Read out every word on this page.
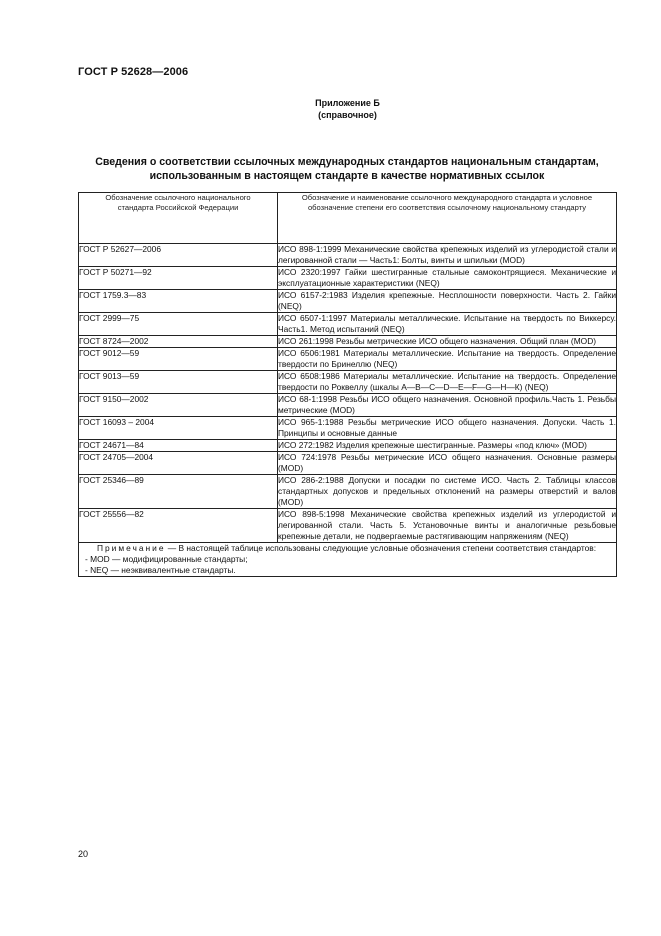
ГОСТ Р 52628—2006
Приложение Б
(справочное)
Сведения о соответствии ссылочных международных стандартов национальным стандартам,
использованным в настоящем стандарте в качестве нормативных ссылок
Обозначение ссылочного национального стандарта Российской Федерации	Обозначение и наименование ссылочного международного стандарта и условное обозначение степени его соответствия ссылочному национальному стандарту

ГОСТ Р 52627—2006	ИСО 898-1:1999 Механические свойства крепежных изделий из углеродистой стали и легированной стали — Часть1: Болты, винты и шпильки (MOD)
ГОСТ Р 50271—92	ИСО 2320:1997 Гайки шестигранные стальные самоконтрящиеся. Механические и эксплуатационные характеристики (NEQ)
ГОСТ 1759.3—83	ИСО 6157-2:1983 Изделия крепежные. Несплошности поверхности. Часть 2. Гайки (NEQ)
ГОСТ 2999—75	ИСО 6507-1:1997 Материалы металлические. Испытание на твердость по Виккерсу. Часть1. Метод испытаний (NEQ)
ГОСТ 8724—2002	ИСО 261:1998 Резьбы метрические ИСО общего назначения. Общий план (MOD)
ГОСТ 9012—59	ИСО 6506:1981 Материалы металлические. Испытание на твердость. Определение твердости по Бринеллю (NEQ)
ГОСТ 9013—59	ИСО 6508:1986 Материалы металлические. Испытание на твердость. Определение твердости по Роквеллу (шкалы А—В—С—D—Е—F—G—Н—К) (NEQ)
ГОСТ 9150—2002	ИСО 68-1:1998 Резьбы ИСО общего назначения. Основной профиль.Часть 1. Резьбы метрические (MOD)
ГОСТ 16093 – 2004	ИСО 965-1:1988 Резьбы метрические ИСО общего назначения. Допуски. Часть 1. Принципы и основные данные
ГОСТ 24671—84	ИСО 272:1982 Изделия крепежные шестигранные. Размеры «под ключ» (MOD)
ГОСТ 24705—2004	ИСО 724:1978 Резьбы метрические ИСО общего назначения. Основные размеры (MOD)
ГОСТ 25346—89	ИСО 286-2:1988 Допуски и посадки по системе ИСО. Часть 2. Таблицы классов стандартных допусков и предельных отклонений на размеры отверстий и валов (MOD)
ГОСТ 25556—82	ИСО 898-5:1998 Механические свойства крепежных изделий из углеродистой и легированной стали. Часть 5. Установочные винты и аналогичные резьбовые крепежные детали, не подвергаемые растягивающим напряжениям (NEQ)

Примечание — В настоящей таблице использованы следующие условные обозначения степени соответствия стандартов:
- MOD — модифицированные стандарты;
- NEQ — неэквивалентные стандарты.	
20
